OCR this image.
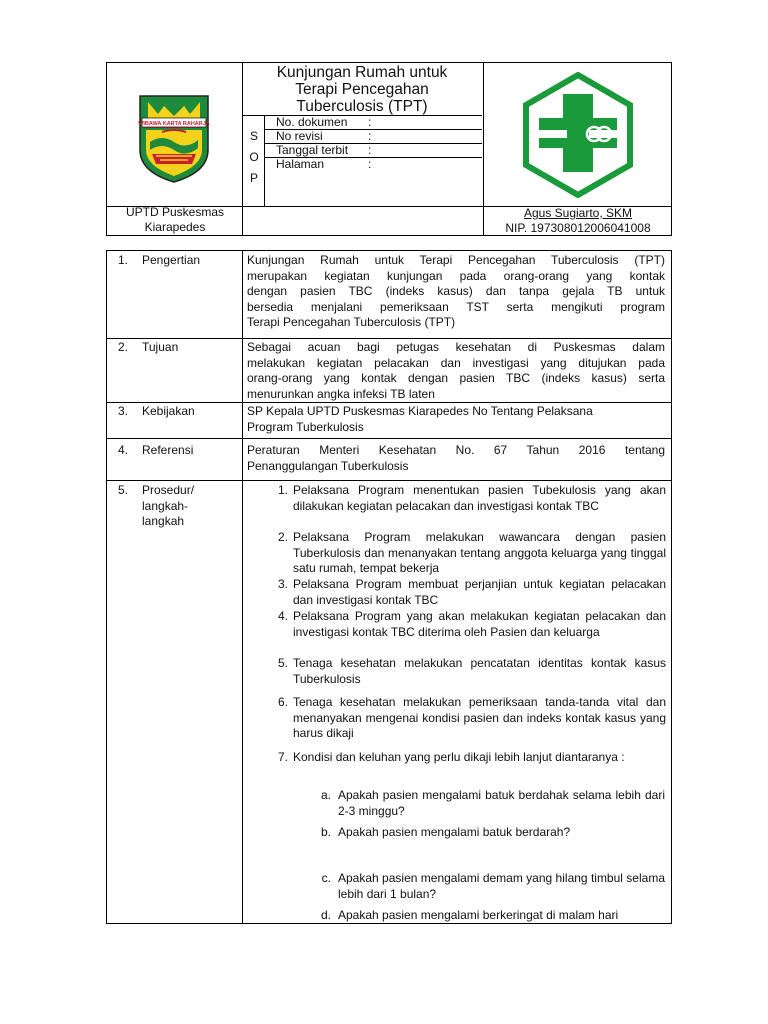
WIBAWA KARTA RAHARJA
Kunjungan Rumah untuk
Terapi Pencegahan
Tuberculosis (TPT)
S
O
P
No. dokumen :
No revisi	:
Tanggal terbit :
Halaman	:
UPTD Puskesmas
Kiarapedes
Agus Sugiarto, SKM
NIP. 197308012006041008
1. Pengertian	Kunjungan Rumah untuk Terapi Pencegahan Tuberculosis (TPT)
merupakan kegiatan kunjungan pada orang-orang yang kontak
dengan pasien TBC (indeks kasus) dan tanpa gejala TB untuk
bersedia menjalani pemeriksaan TST serta mengikuti program
Terapi Pencegahan Tuberculosis (TPT)
2. Tujuan	Sebagai acuan bagi petugas kesehatan di Puskesmas dalam
melakukan kegiatan pelacakan dan investigasi yang ditujukan pada
orang-orang yang kontak dengan pasien TBC (indeks kasus) serta
menurunkan angka infeksi TB laten
3. Kebijakan	SP Kepala UPTD Puskesmas Kiarapedes No Tentang Pelaksana
Program Tuberkulosis
4. Referensi	Peraturan Menteri Kesehatan No. 67 Tahun 2016 tentang
Penanggulangan Tuberkulosis
5. Prosedur/
langkah-
langkah
1. Pelaksana Program menentukan pasien Tubekulosis yang akan dilakukan kegiatan pelacakan dan investigasi kontak TBC
2. Pelaksana Program melakukan wawancara dengan pasien Tuberkulosis dan menanyakan tentang anggota keluarga yang tinggal satu rumah, tempat bekerja
3. Pelaksana Program membuat perjanjian untuk kegiatan pelacakan dan investigasi kontak TBC
4. Pelaksana Program yang akan melakukan kegiatan pelacakan dan investigasi kontak TBC diterima oleh Pasien dan keluarga
5. Tenaga kesehatan melakukan pencatatan identitas kontak kasus Tuberkulosis
6. Tenaga kesehatan melakukan pemeriksaan tanda-tanda vital dan menanyakan mengenai kondisi pasien dan indeks kontak kasus yang harus dikaji
7. Kondisi dan keluhan yang perlu dikaji lebih lanjut diantaranya :
a. Apakah pasien mengalami batuk berdahak selama lebih dari 2-3 minggu?
b. Apakah pasien mengalami batuk berdarah?
c. Apakah pasien mengalami demam yang hilang timbul selama lebih dari 1 bulan?
d. Apakah pasien mengalami berkeringat di malam hari
